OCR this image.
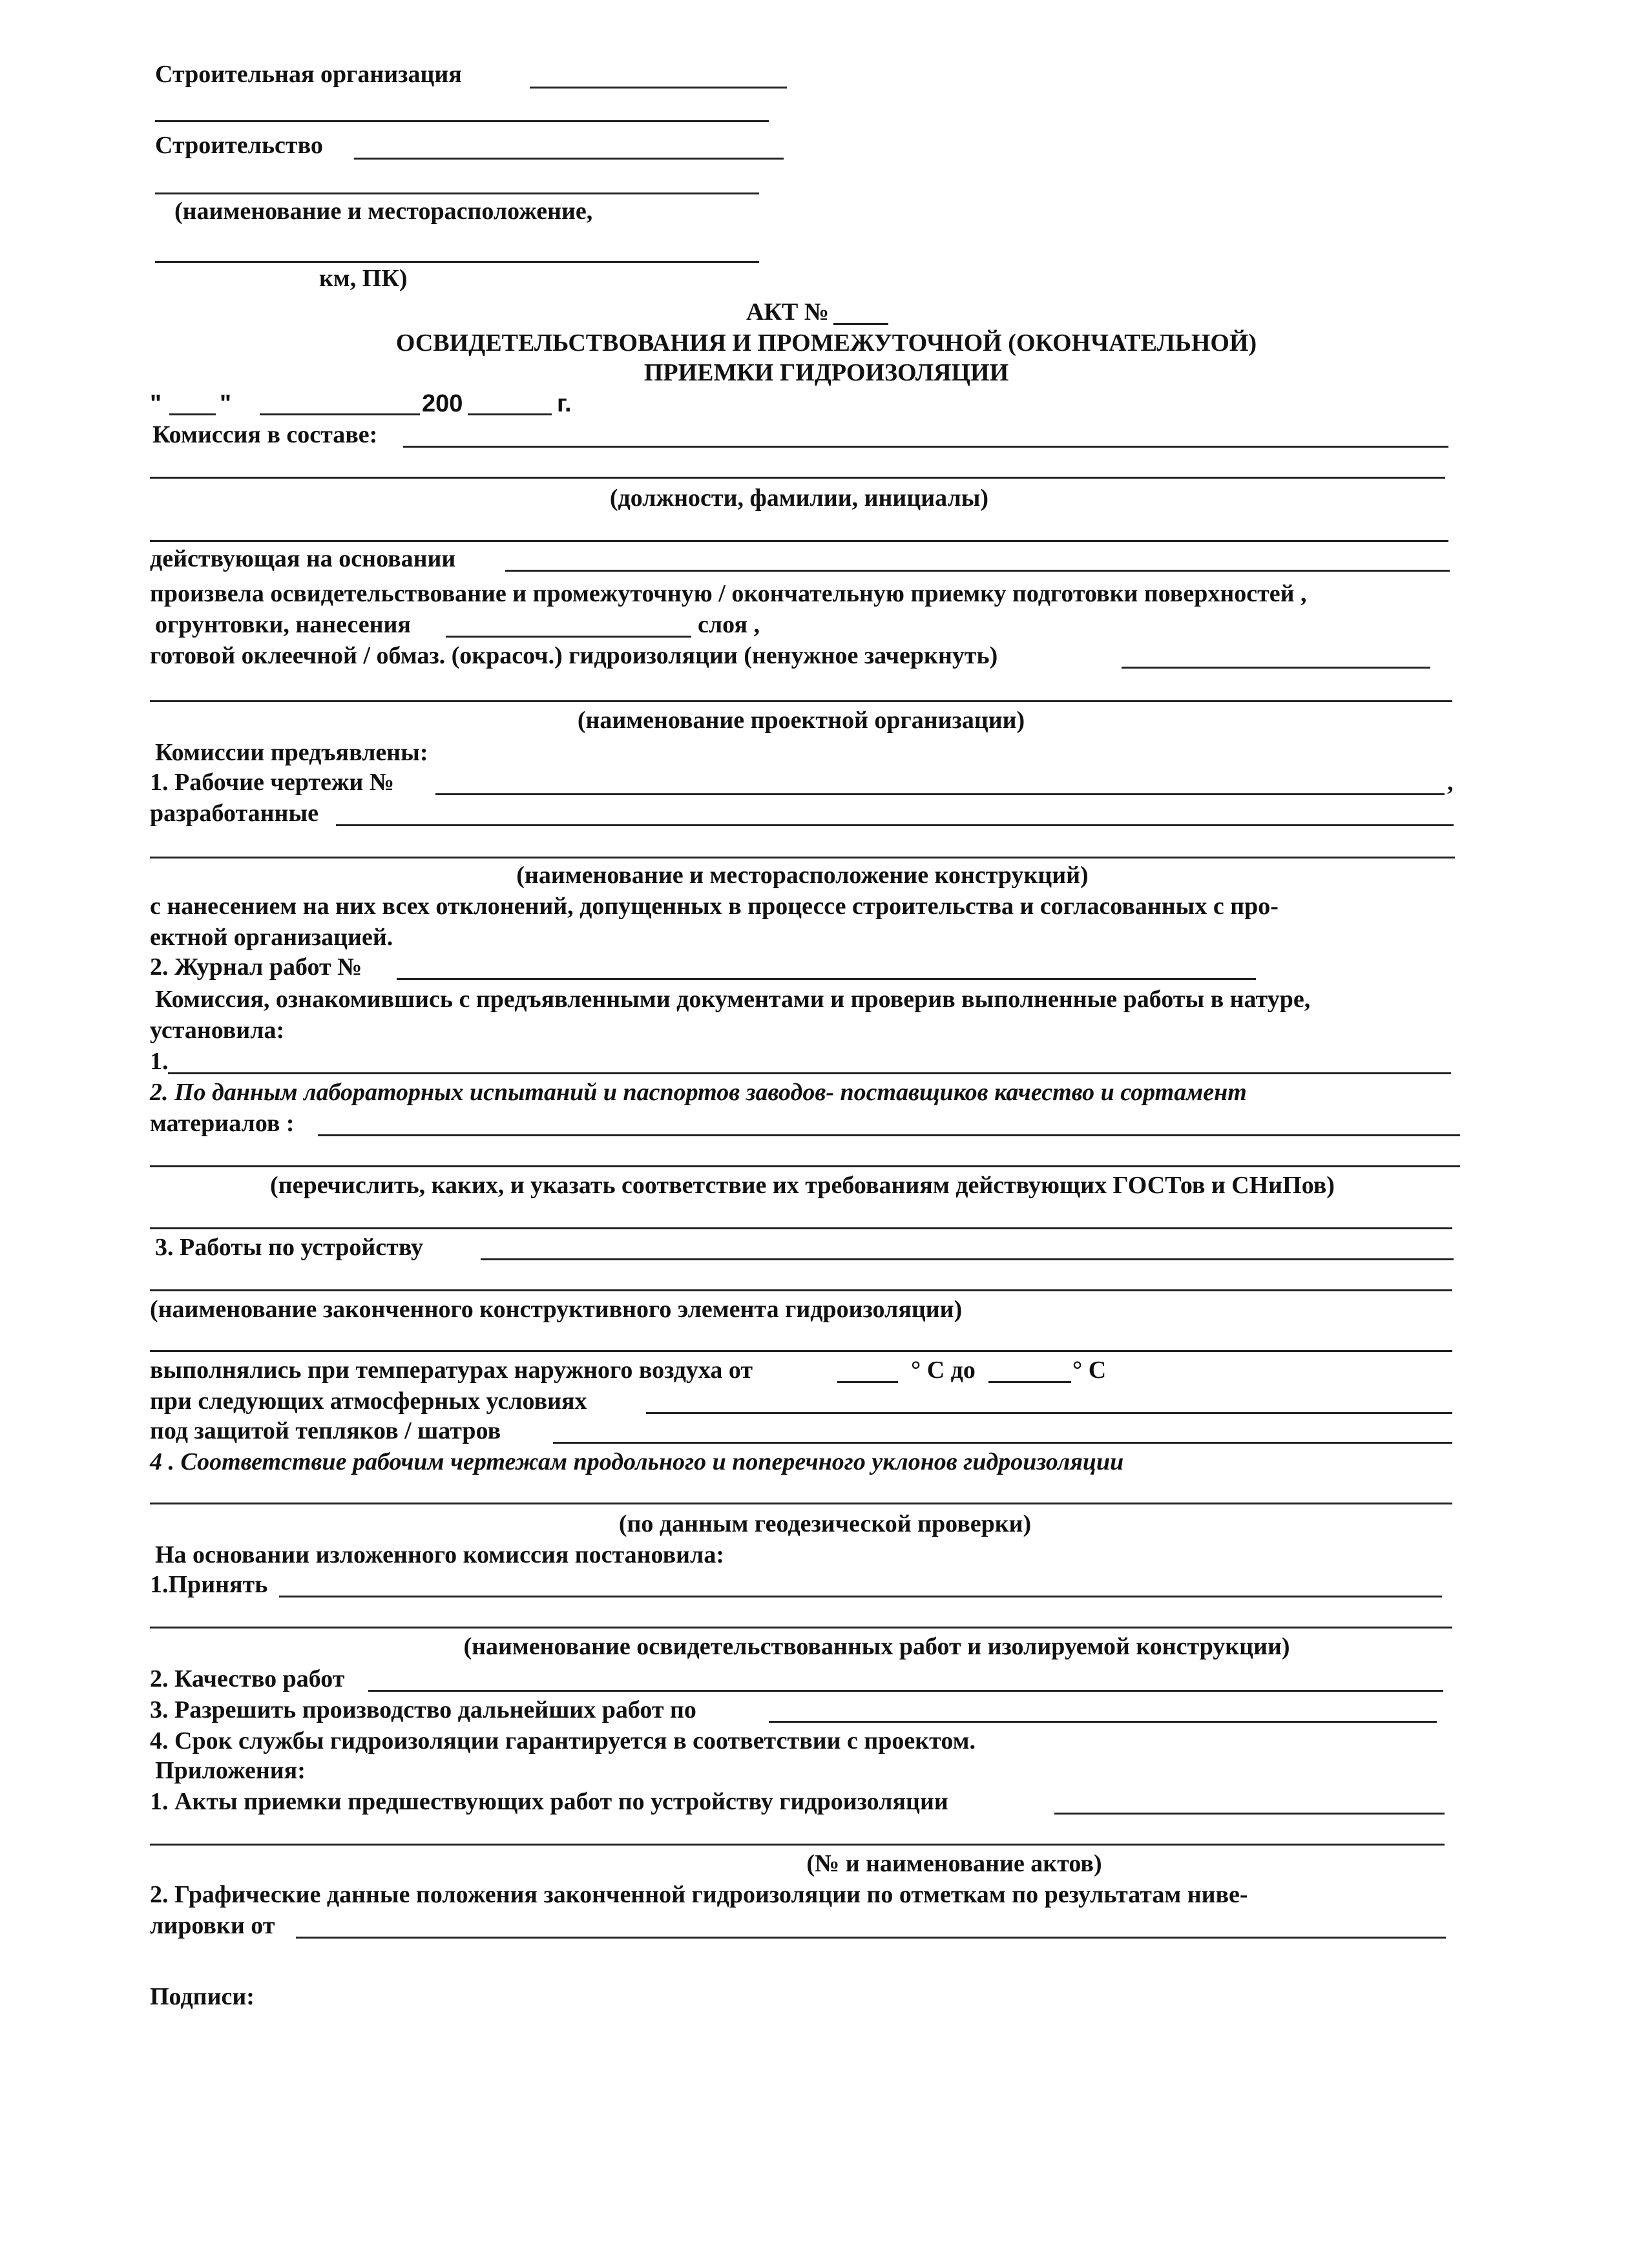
Строительная организация
Строительство
(наименование и месторасположение,
км, ПК)
АКТ №
ОСВИДЕТЕЛЬСТВОВАНИЯ И ПРОМЕЖУТОЧНОЙ (ОКОНЧАТЕЛЬНОЙ)
ПРИЕМКИ ГИДРОИЗОЛЯЦИИ
" "	200	г.
Комиссия в составе:
(должности, фамилии, инициалы)
действующая на основании
произвела освидетельствование и промежуточную / окончательную приемку подготовки поверхностей ,
огрунтовки, нанесения	слоя ,
готовой оклеечной / обмаз. (окрасоч.) гидроизоляции (ненужное зачеркнуть)
(наименование проектной организации)
Комиссии предъявлены:
1. Рабочие чертежи №	,
разработанные
(наименование и месторасположение конструкций)
с нанесением на них всех отклонений, допущенных в процессе строительства и согласованных с про-
ектной организацией.
2. Журнал работ №
Комиссия, ознакомившись с предъявленными документами и проверив выполненные работы в натуре,
установила:
1.
2. По данным лабораторных испытаний и паспортов заводов- поставщиков качество и сортамент
материалов :
(перечислить, каких, и указать соответствие их требованиям действующих ГОСТов и СНиПов)
3. Работы по устройству
(наименование законченного конструктивного элемента гидроизоляции)
выполнялись при температурах наружного воздуха от	° С до	° С
при следующих атмосферных условиях
под защитой тепляков / шатров
4 . Соответствие рабочим чертежам продольного и поперечного уклонов гидроизоляции
(по данным геодезической проверки)
На основании изложенного комиссия постановила:
1.Принять
(наименование освидетельствованных работ и изолируемой конструкции)
2. Качество работ
3. Разрешить производство дальнейших работ по
4. Срок службы гидроизоляции гарантируется в соответствии с проектом.
Приложения:
1. Акты приемки предшествующих работ по устройству гидроизоляции
(№ и наименование актов)
2. Графические данные положения законченной гидроизоляции по отметкам по результатам ниве-
лировки от
Подписи:
